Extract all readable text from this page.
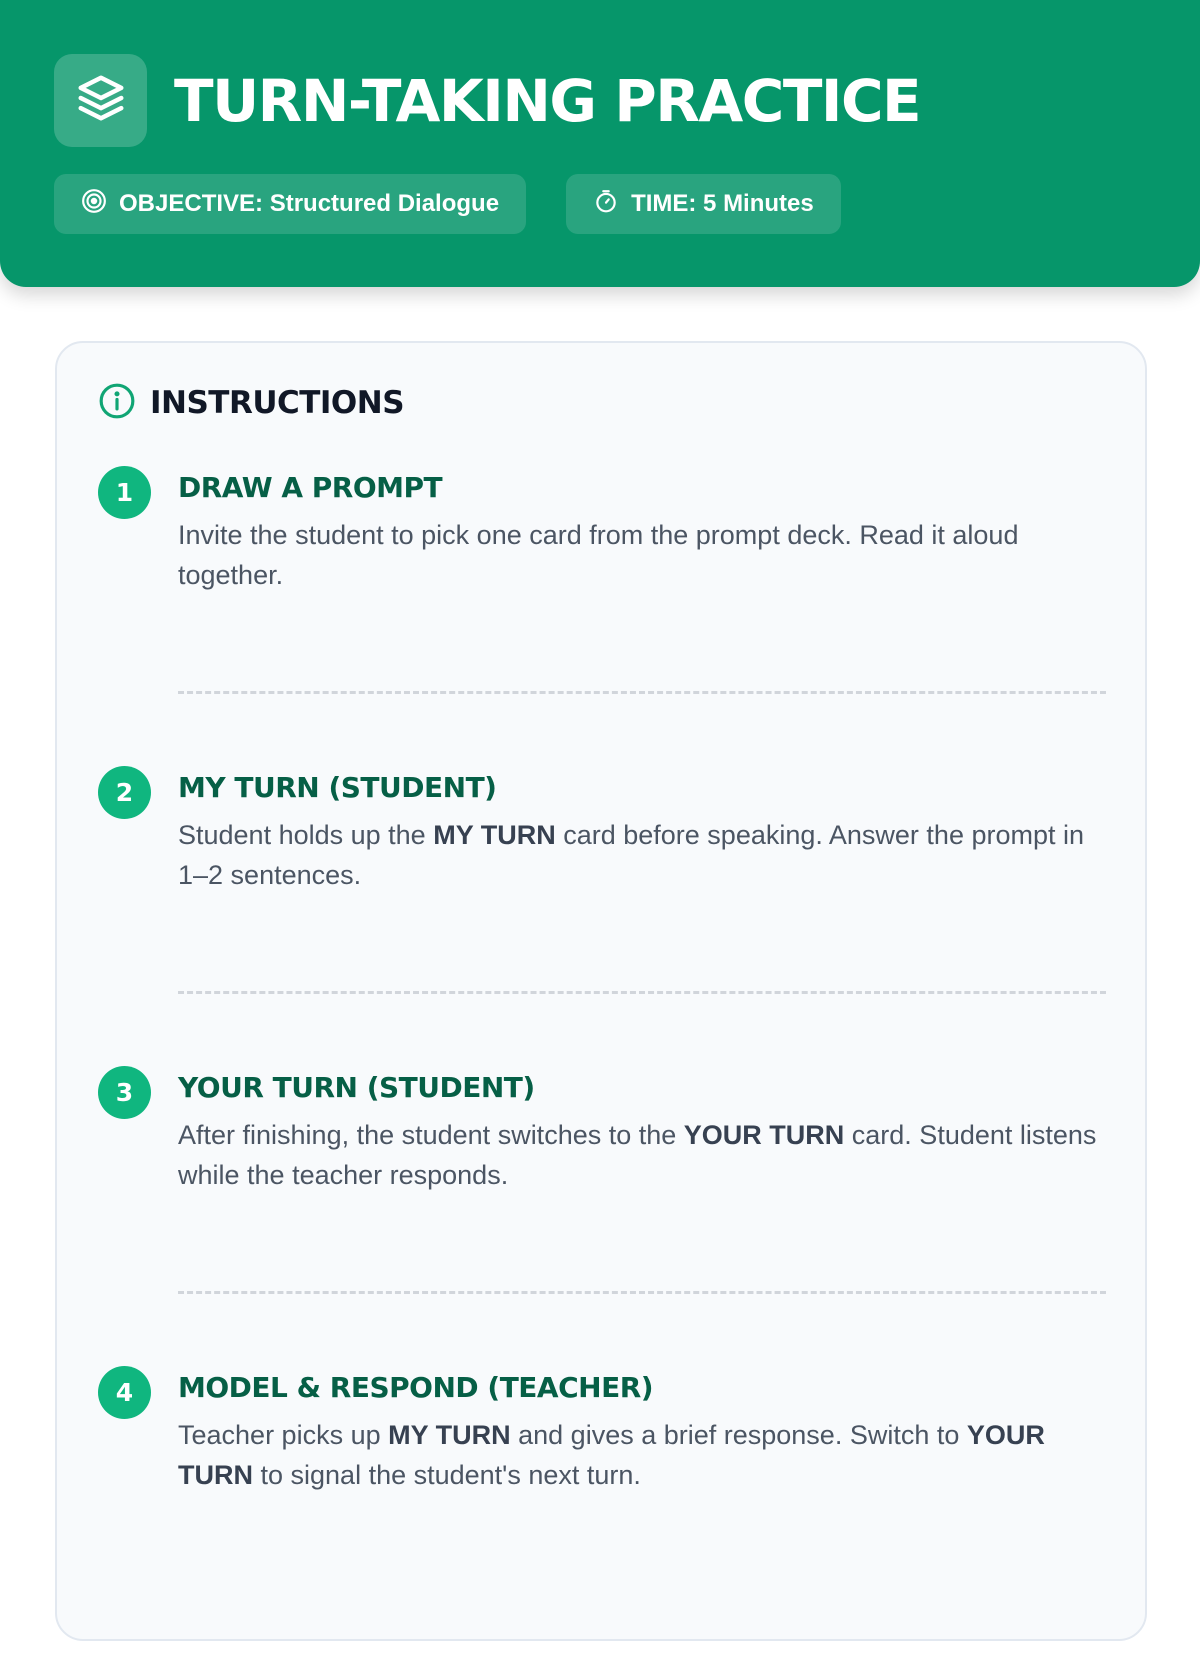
TURN-TAKING PRACTICE
OBJECTIVE: Structured Dialogue	TIME: 5 Minutes
INSTRUCTIONS
1	DRAW A PROMPT
Invite the student to pick one card from the prompt deck. Read it aloud together.
2	MY TURN (STUDENT)
Student holds up the MY TURN card before speaking. Answer the prompt in 1–2 sentences.
3	YOUR TURN (STUDENT)
After finishing, the student switches to the YOUR TURN card. Student listens while the teacher responds.
4	MODEL & RESPOND (TEACHER)
Teacher picks up MY TURN and gives a brief response. Switch to YOUR TURN to signal the student's next turn.
